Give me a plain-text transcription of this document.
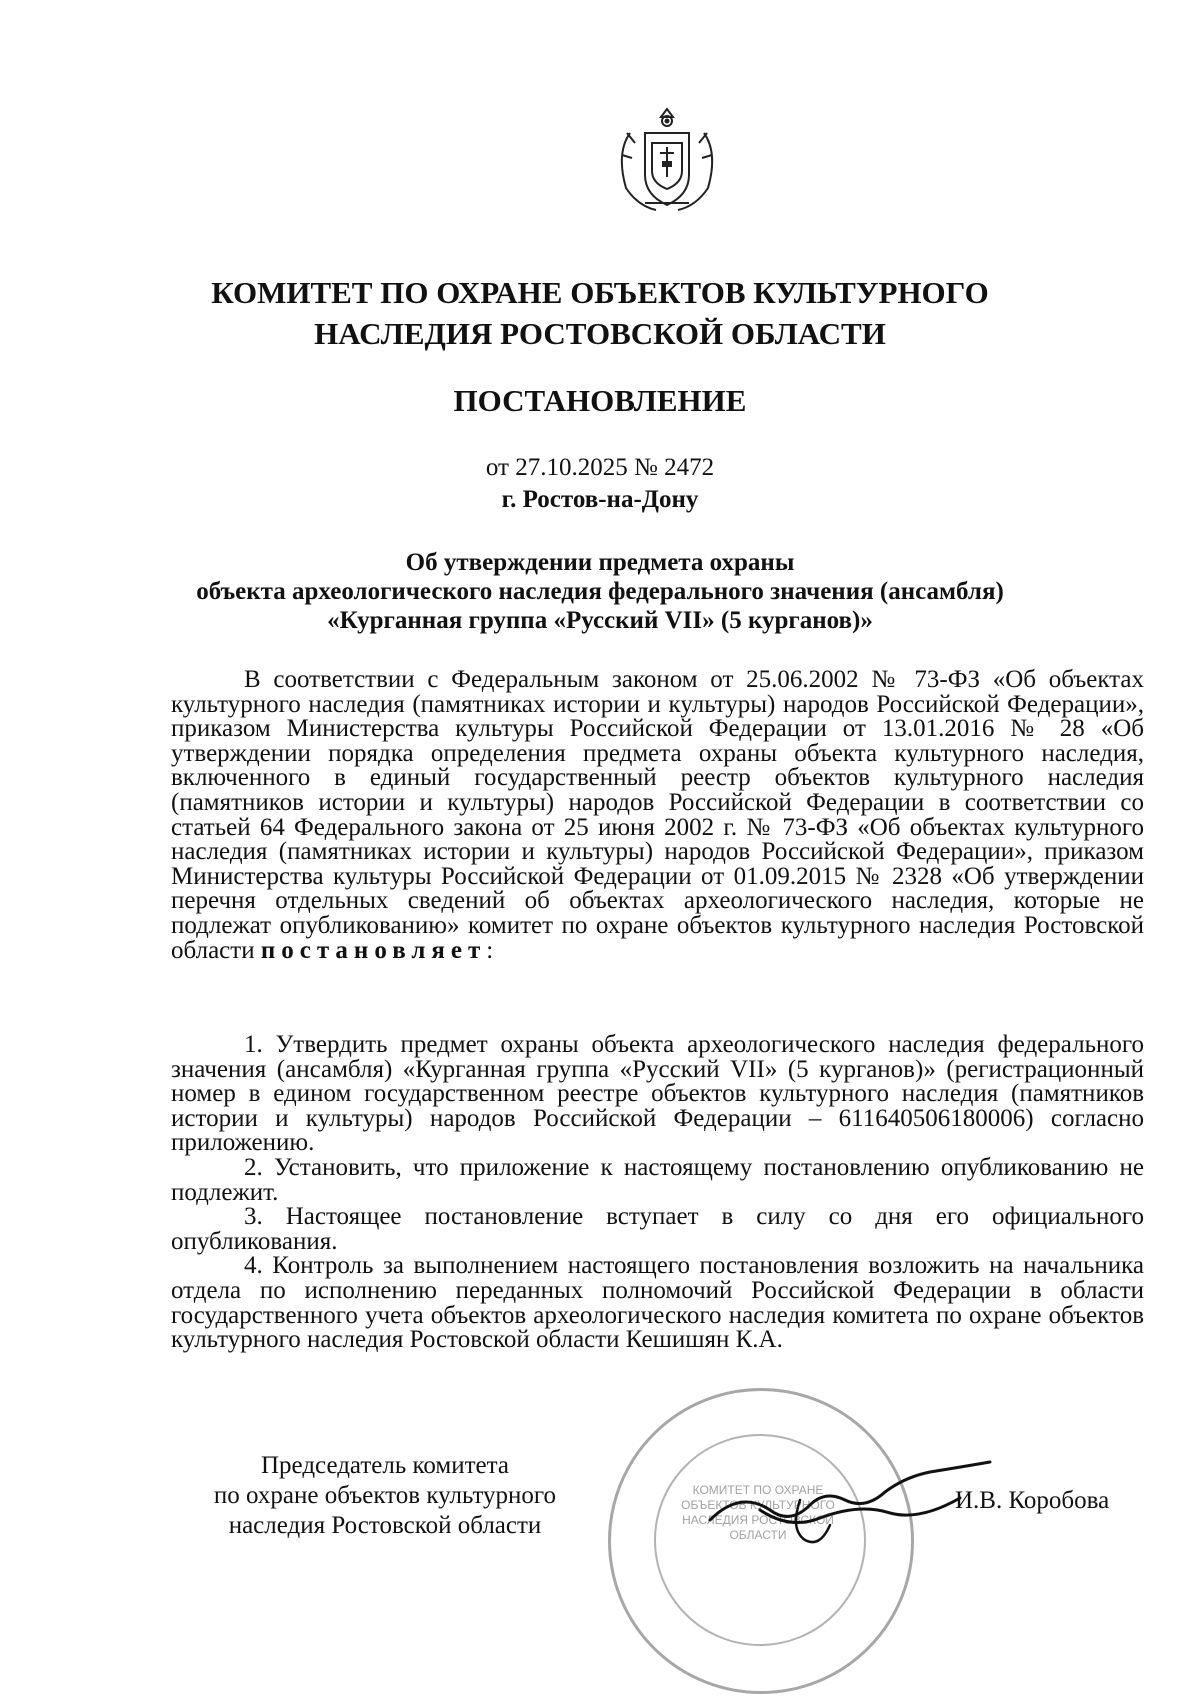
КОМИТЕТ ПО ОХРАНЕ ОБЪЕКТОВ КУЛЬТУРНОГО
НАСЛЕДИЯ РОСТОВСКОЙ ОБЛАСТИ
ПОСТАНОВЛЕНИЕ
от 27.10.2025 № 2472
г. Ростов-на-Дону
Об утверждении предмета охраны
объекта археологического наследия федерального значения (ансамбля)
«Курганная группа «Русский VII» (5 курганов)»

В соответствии с Федеральным законом от 25.06.2002 № 73-ФЗ «Об объектах культурного наследия (памятниках истории и культуры) народов Российской Федерации», приказом Министерства культуры Российской Федерации от 13.01.2016 № 28 «Об утверждении порядка определения предмета охраны объекта культурного наследия, включенного в единый государственный реестр объектов культурного наследия (памятников истории и культуры) народов Российской Федерации в соответствии со статьей 64 Федерального закона от 25 июня 2002 г. № 73-ФЗ «Об объектах культурного наследия (памятниках истории и культуры) народов Российской Федерации», приказом Министерства культуры Российской Федерации от 01.09.2015 № 2328 «Об утверждении перечня отдельных сведений об объектах археологического наследия, которые не подлежат опубликованию» комитет по охране объектов культурного наследия Ростовской области постановляет:

1. Утвердить предмет охраны объекта археологического наследия федерального значения (ансамбля) «Курганная группа «Русский VII» (5 курганов)» (регистрационный номер в едином государственном реестре объектов культурного наследия (памятников истории и культуры) народов Российской Федерации – 611640506180006) согласно приложению.

2. Установить, что приложение к настоящему постановлению опубликованию не подлежит.

3. Настоящее постановление вступает в силу со дня его официального опубликования.

4. Контроль за выполнением настоящего постановления возложить на начальника отдела по исполнению переданных полномочий Российской Федерации в области государственного учета объектов археологического наследия комитета по охране объектов культурного наследия Ростовской области Кешишян К.А.

КОМИТЕТ ПО ОХРАНЕ ОБЪЕКТОВ КУЛЬТУРНОГО НАСЛЕДИЯ РОСТОВСКОЙ ОБЛАСТИ
Председатель комитета
по охране объектов культурного
наследия Ростовской области
И.В. Коробова
